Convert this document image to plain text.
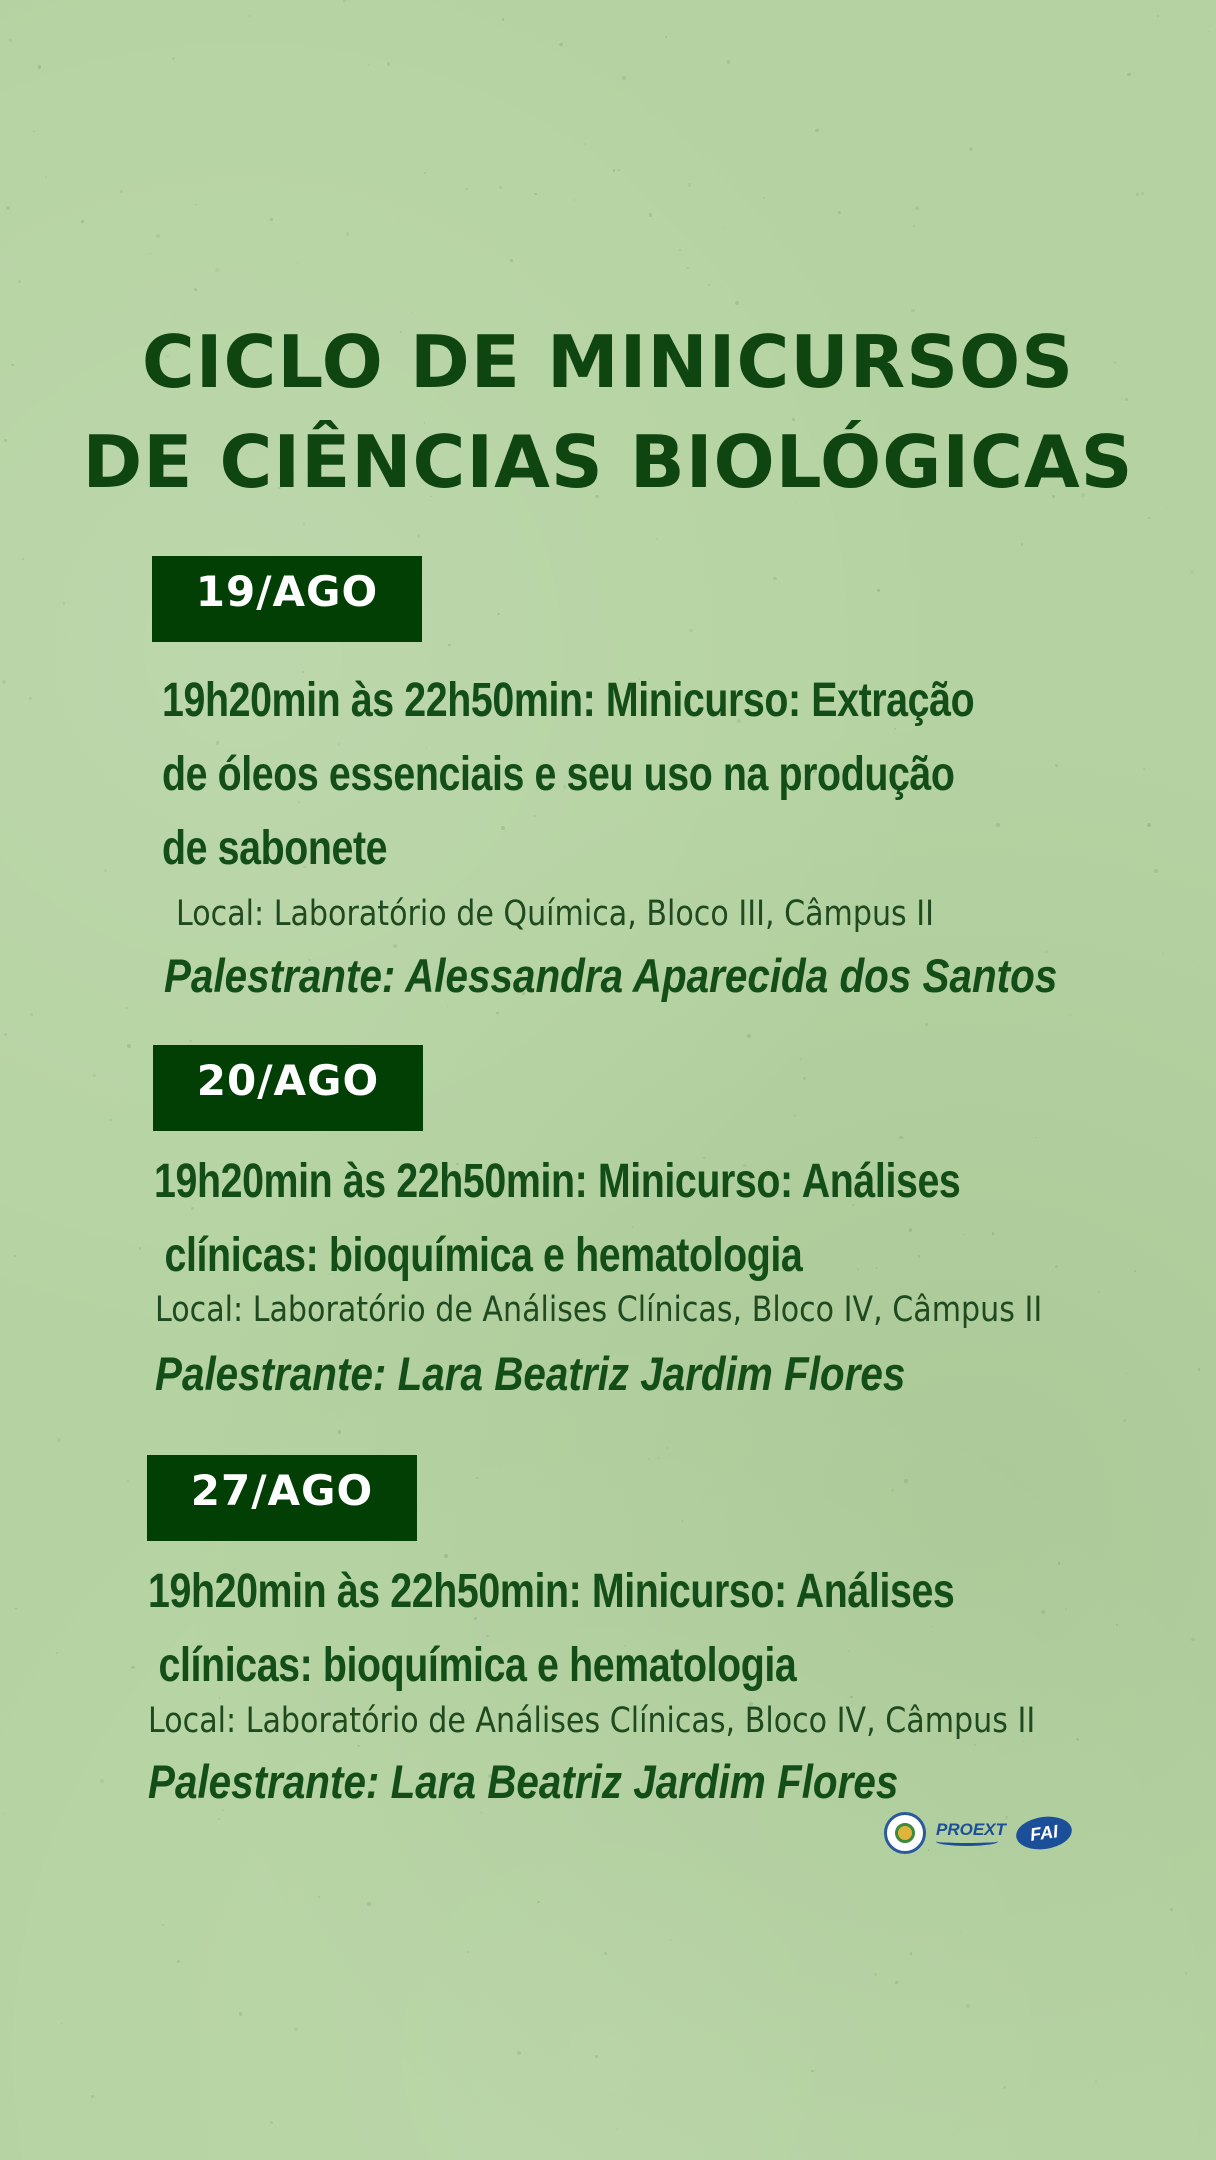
CICLO DE MINICURSOS
DE CIÊNCIAS BIOLÓGICAS
19/AGO
19h20min às 22h50min: Minicurso: Extração
de óleos essenciais e seu uso na produção
de sabonete
Local: Laboratório de Química, Bloco III, Câmpus II
Palestrante: Alessandra Aparecida dos Santos
20/AGO
19h20min às 22h50min: Minicurso: Análises
clínicas: bioquímica e hematologia
Local: Laboratório de Análises Clínicas, Bloco IV, Câmpus II
Palestrante: Lara Beatriz Jardim Flores
27/AGO
19h20min às 22h50min: Minicurso: Análises
clínicas: bioquímica e hematologia
Local: Laboratório de Análises Clínicas, Bloco IV, Câmpus II
Palestrante: Lara Beatriz Jardim Flores
PROEXT	FAI
